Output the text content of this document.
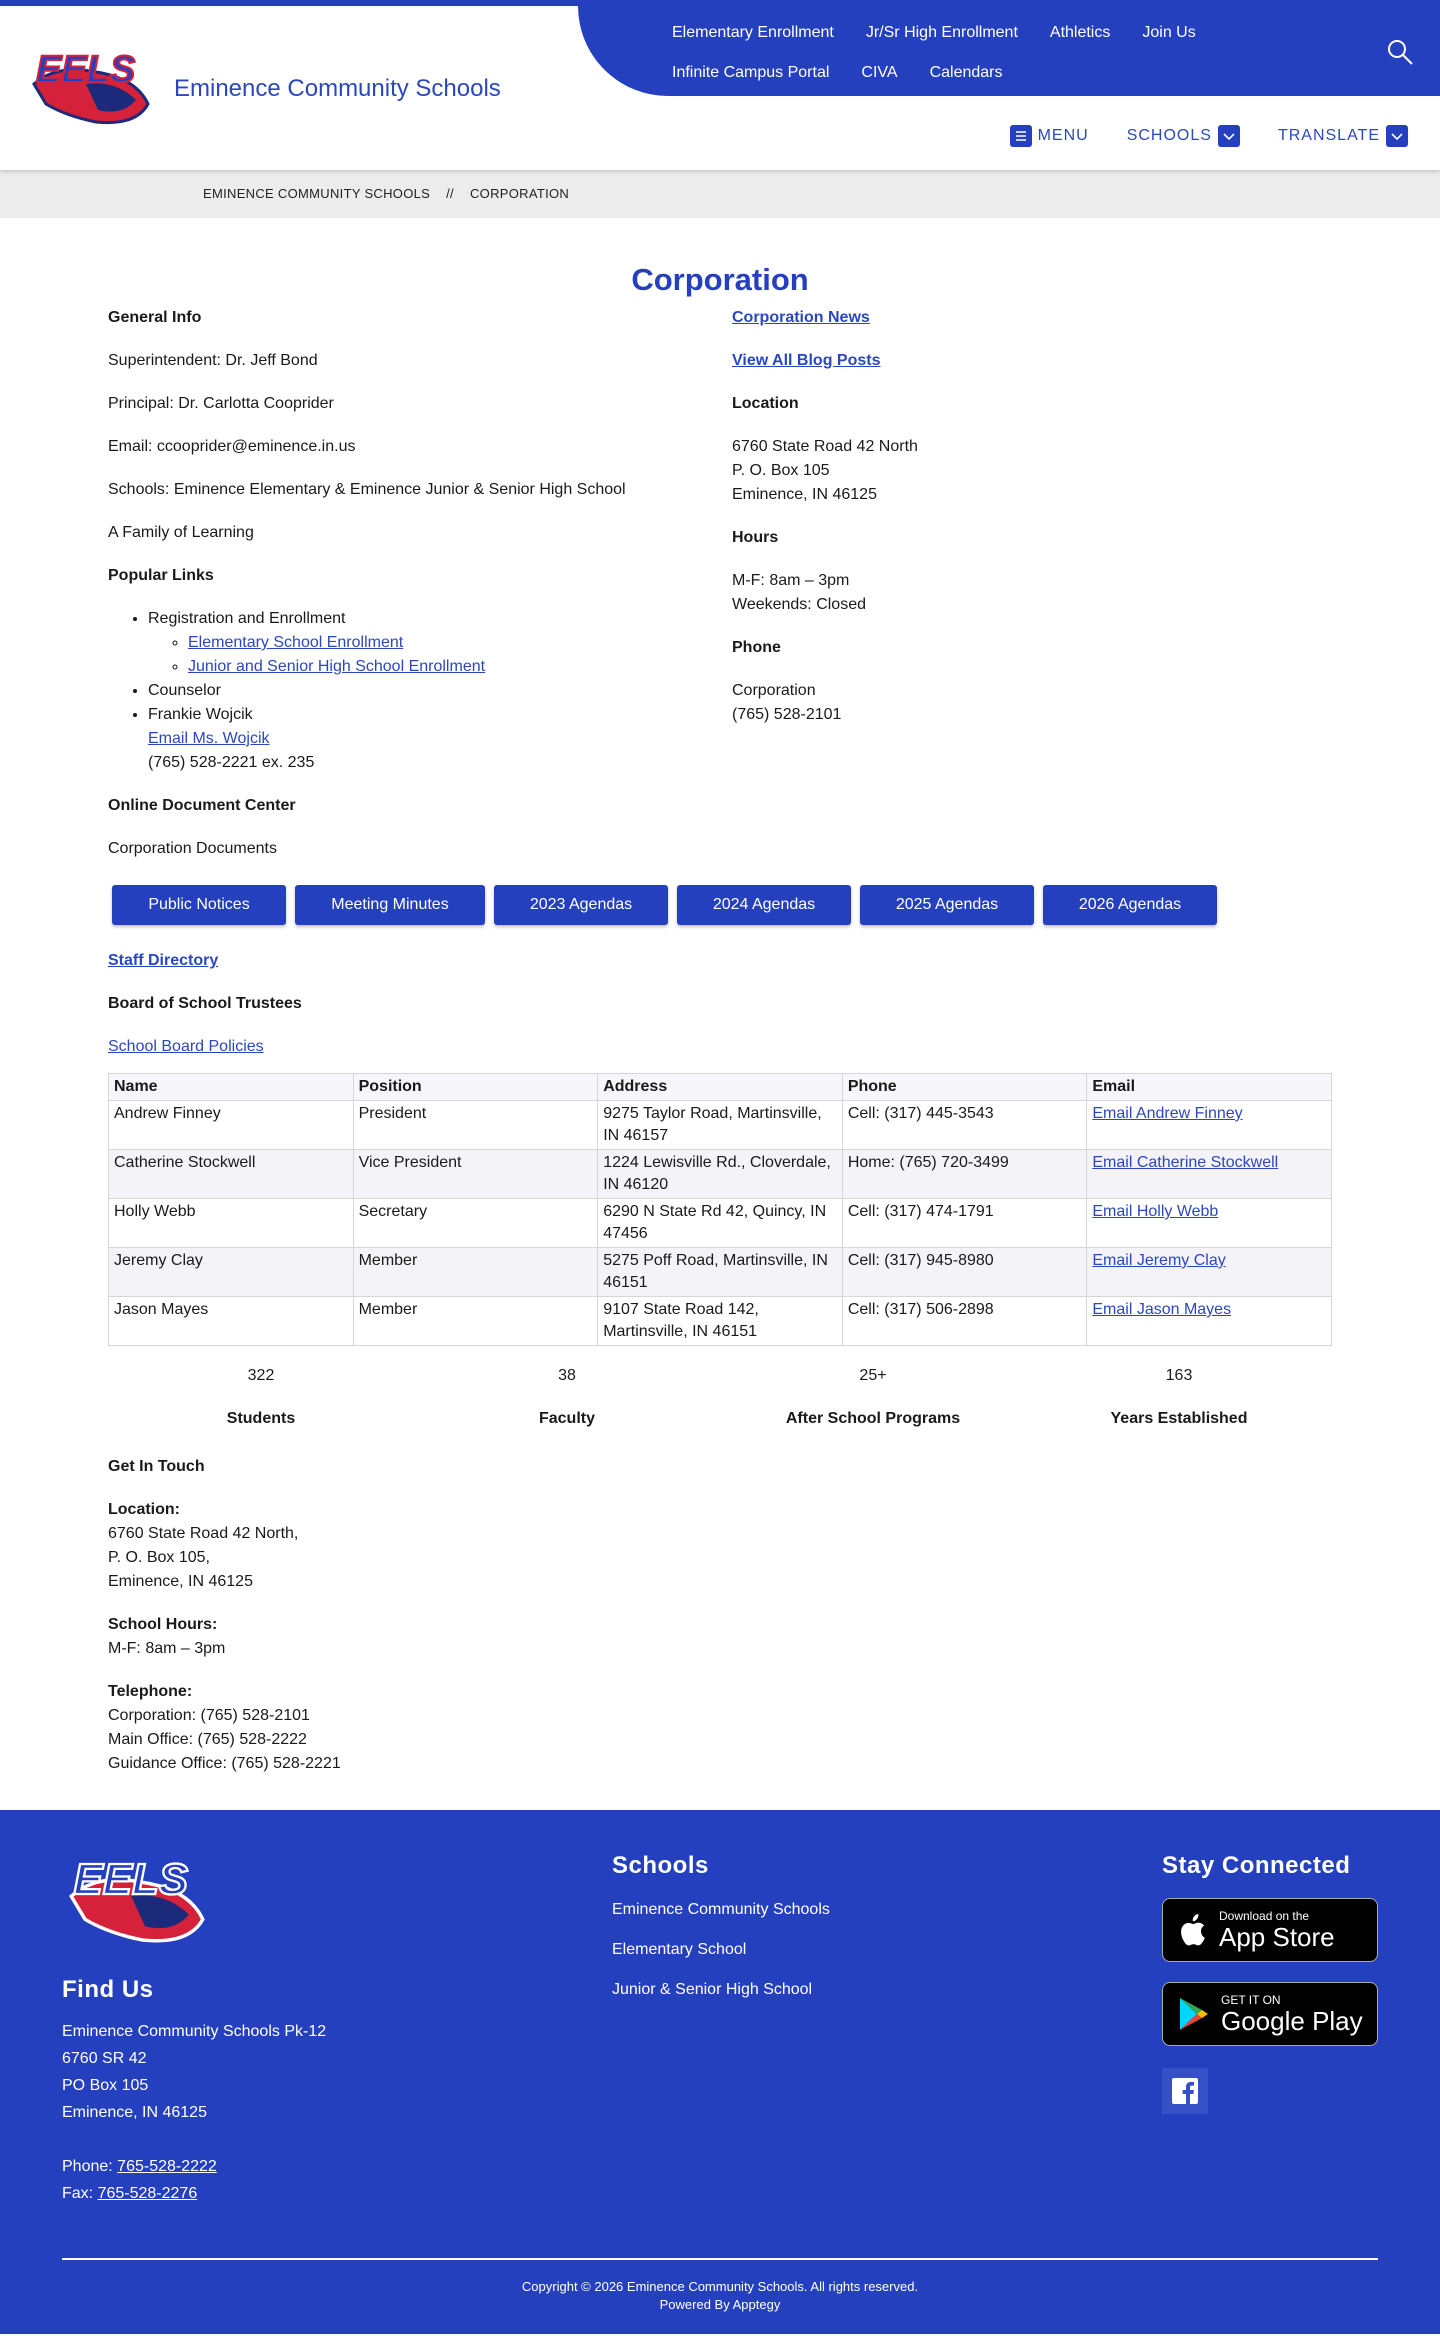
EELS Eminence Community Schools
Elementary Enrollment Jr/Sr High Enrollment Athletics Join Us
Infinite Campus Portal CIVA Calendars
MENU SCHOOLS	TRANSLATE
EMINENCE COMMUNITY SCHOOLS // CORPORATION
Corporation

General Info

Superintendent: Dr. Jeff Bond

Principal: Dr. Carlotta Cooprider

Email: ccooprider@eminence.in.us

Schools: Eminence Elementary & Eminence Junior & Senior High School

A Family of Learning

Popular Links

• Registration and Enrollment
◦ Elementary School Enrollment
◦ Junior and Senior High School Enrollment
• Counselor
• Frankie Wojcik
Email Ms. Wojcik
(765) 528-2221 ex. 235

Online Document Center

Corporation Documents

Corporation News

View All Blog Posts

Location

6760 State Road 42 North
P. O. Box 105
Eminence, IN 46125

Hours

M-F: 8am – 3pm
Weekends: Closed

Phone

Corporation
(765) 528-2101

Public Notices	Meeting Minutes	2023 Agendas	2024 Agendas	2025 Agendas	2026 Agendas

Staff Directory

Board of School Trustees

School Board Policies

Name	Position	Address	Phone	Email
Andrew Finney	President	9275 Taylor Road, Martinsville, IN 46157	Cell: (317) 445-3543	Email Andrew Finney
Catherine Stockwell	Vice President	1224 Lewisville Rd., Cloverdale, IN 46120	Home: (765) 720-3499	Email Catherine Stockwell
Holly Webb	Secretary	6290 N State Rd 42, Quincy, IN 47456	Cell: (317) 474-1791	Email Holly Webb
Jeremy Clay	Member	5275 Poff Road, Martinsville, IN 46151	Cell: (317) 945-8980	Email Jeremy Clay
Jason Mayes	Member	9107 State Road 142, Martinsville, IN 46151	Cell: (317) 506-2898	Email Jason Mayes
322
Students
38
Faculty
25+
After School Programs
163
Years Established

Get In Touch

Location:
6760 State Road 42 North,
P. O. Box 105,
Eminence, IN 46125

School Hours:
M-F: 8am – 3pm

Telephone:
Corporation: (765) 528-2101
Main Office: (765) 528-2222
Guidance Office: (765) 528-2221

EELS
Find Us
Eminence Community Schools Pk-12
6760 SR 42
PO Box 105
Eminence, IN 46125
Phone: 765-528-2222
Fax: 765-528-2276
Schools
Eminence Community Schools
Elementary School
Junior & Senior High School
Stay Connected
Download on the
App Store
GET IT ON
Google Play
Copyright © 2026 Eminence Community Schools. All rights reserved.
Powered By Apptegy
